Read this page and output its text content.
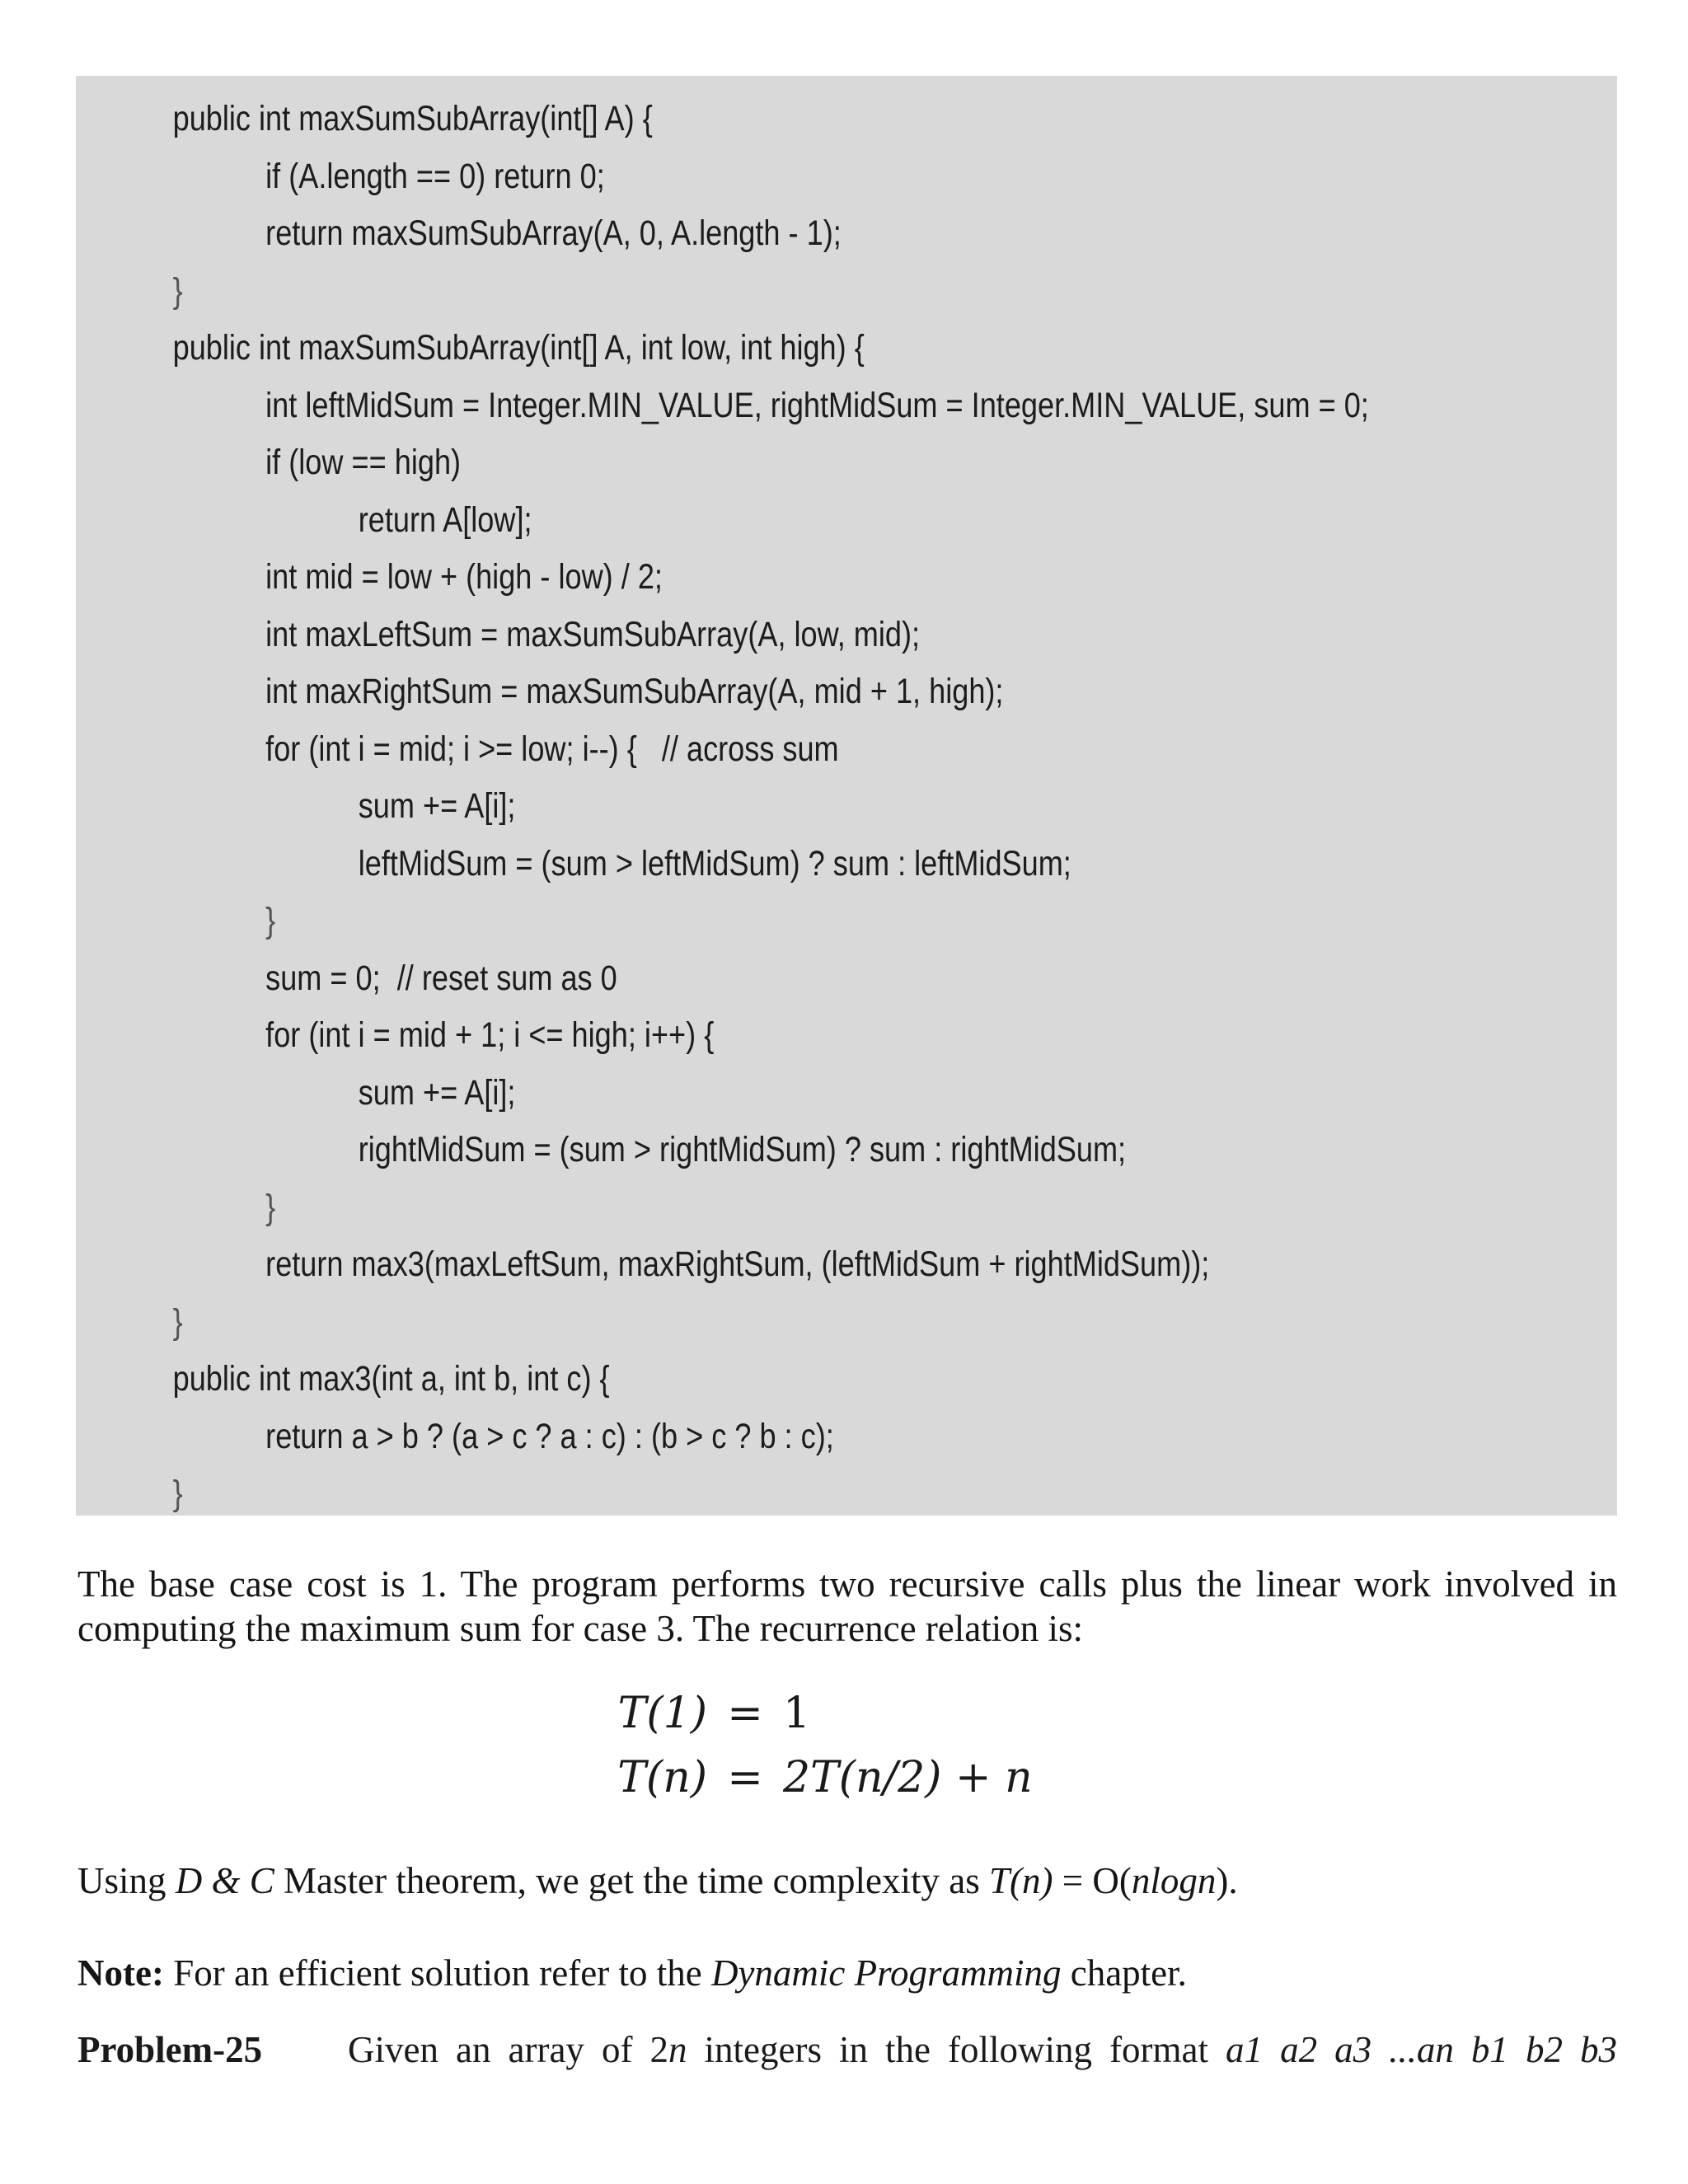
public int maxSumSubArray(int[] A) {
if (A.length == 0) return 0;
return maxSumSubArray(A, 0, A.length - 1);
}
public int maxSumSubArray(int[] A, int low, int high) {
int leftMidSum = Integer.MIN_VALUE, rightMidSum = Integer.MIN_VALUE, sum = 0;
if (low == high)
return A[low];
int mid = low + (high - low) / 2;
int maxLeftSum = maxSumSubArray(A, low, mid);
int maxRightSum = maxSumSubArray(A, mid + 1, high);
for (int i = mid; i >= low; i--) {   // across sum
sum += A[i];
leftMidSum = (sum > leftMidSum) ? sum : leftMidSum;
}
sum = 0;  // reset sum as 0
for (int i = mid + 1; i <= high; i++) {
sum += A[i];
rightMidSum = (sum > rightMidSum) ? sum : rightMidSum;
}
return max3(maxLeftSum, maxRightSum, (leftMidSum + rightMidSum));
}
public int max3(int a, int b, int c) {
return a > b ? (a > c ? a : c) : (b > c ? b : c);
}

The base case cost is 1. The program performs two recursive calls plus the linear work involved in computing the maximum sum for case 3. The recurrence relation is:

T(1) = 1
T(n) = 2T(n/2) + n

Using D & C Master theorem, we get the time complexity as T(n) = O(nlogn).

Note: For an efficient solution refer to the Dynamic Programming chapter.

Problem-25 Given an array of 2n integers in the following format a1 a2 a3 ...an b1 b2 b3
